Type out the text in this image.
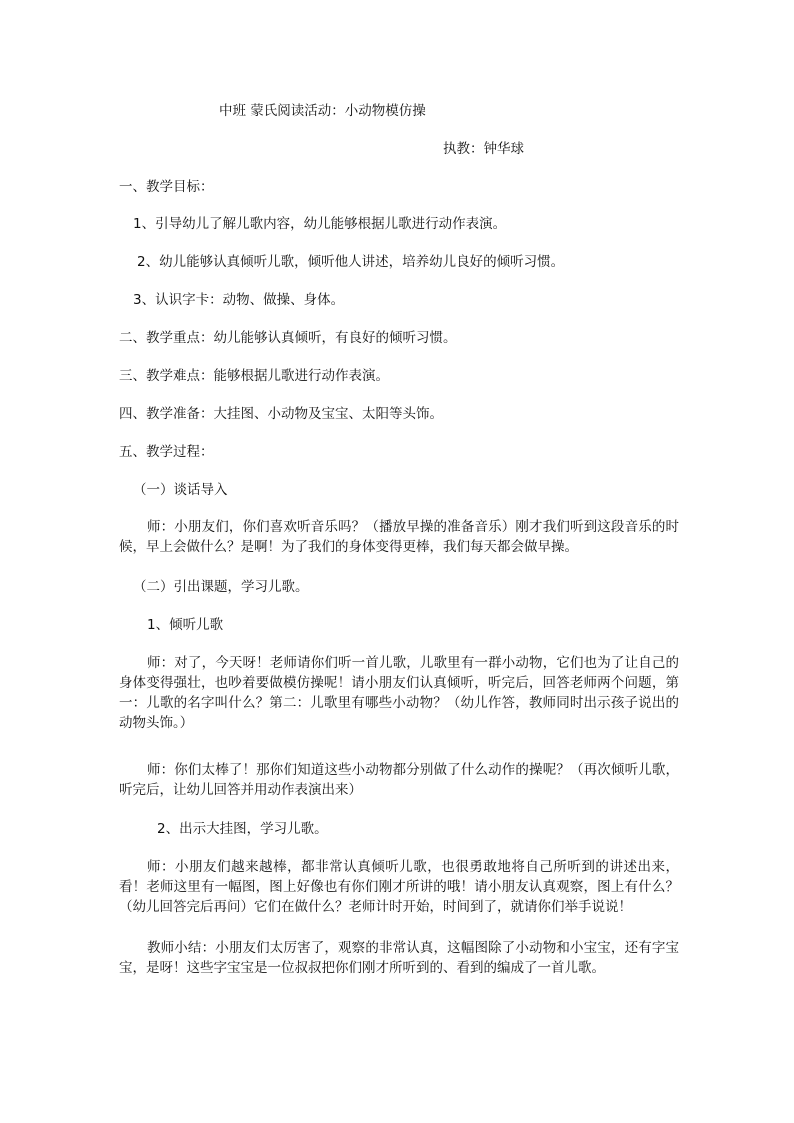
中班 蒙氏阅读活动：小动物模仿操

执教：钟华球

一、教学目标：

1、引导幼儿了解儿歌内容，幼儿能够根据儿歌进行动作表演。

2、幼儿能够认真倾听儿歌，倾听他人讲述，培养幼儿良好的倾听习惯。

3、认识字卡：动物、做操、身体。

二、教学重点：幼儿能够认真倾听，有良好的倾听习惯。

三、教学难点：能够根据儿歌进行动作表演。

四、教学准备：大挂图、小动物及宝宝、太阳等头饰。

五、教学过程：

（一）谈话导入

师：小朋友们，你们喜欢听音乐吗？（播放早操的准备音乐）刚才我们听到这段音乐的时候，早上会做什么？是啊！为了我们的身体变得更棒，我们每天都会做早操。

（二）引出课题，学习儿歌。

1、倾听儿歌

师：对了，今天呀！老师请你们听一首儿歌，儿歌里有一群小动物，它们也为了让自己的身体变得强壮，也吵着要做模仿操呢！请小朋友们认真倾听，听完后，回答老师两个问题，第一：儿歌的名字叫什么？第二：儿歌里有哪些小动物？（幼儿作答，教师同时出示孩子说出的动物头饰。）

师：你们太棒了！那你们知道这些小动物都分别做了什么动作的操呢？（再次倾听儿歌，听完后，让幼儿回答并用动作表演出来）

2、出示大挂图，学习儿歌。

师：小朋友们越来越棒，都非常认真倾听儿歌，也很勇敢地将自己所听到的讲述出来，看！老师这里有一幅图，图上好像也有你们刚才所讲的哦！请小朋友认真观察，图上有什么？（幼儿回答完后再问）它们在做什么？老师计时开始，时间到了，就请你们举手说说！

教师小结：小朋友们太厉害了，观察的非常认真，这幅图除了小动物和小宝宝，还有字宝宝，是呀！这些字宝宝是一位叔叔把你们刚才所听到的、看到的编成了一首儿歌。
